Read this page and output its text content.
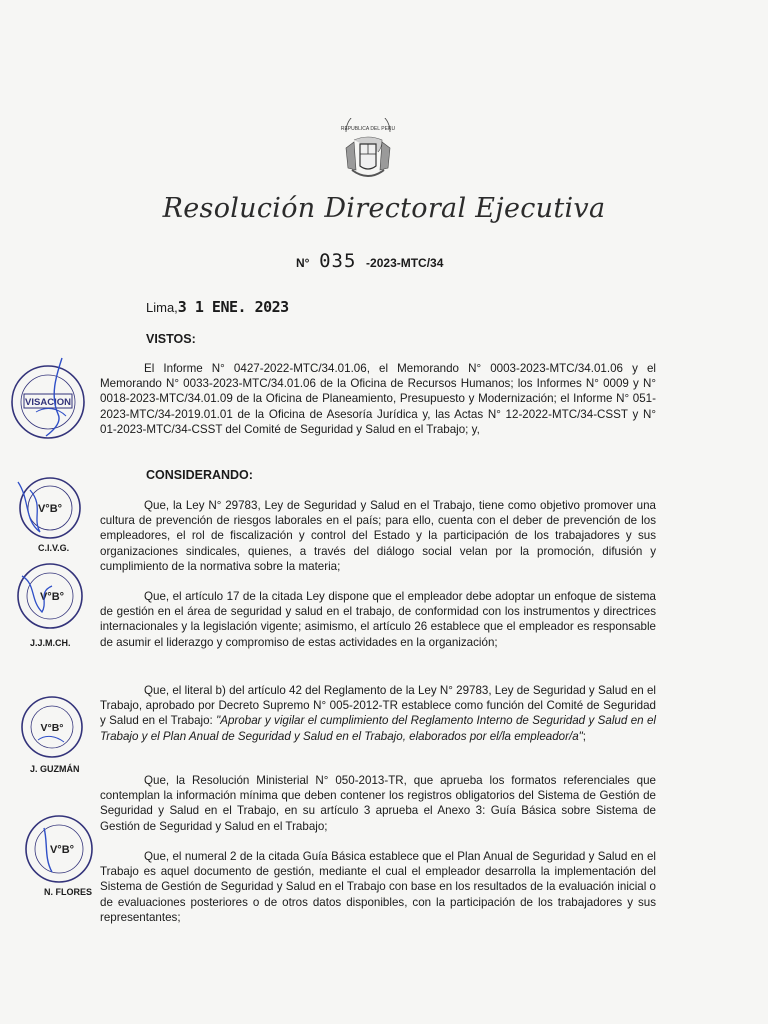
REPUBLICA DEL PERU
Resolución Directoral Ejecutiva
N° 035 -2023-MTC/34
Lima,3 1 ENE. 2023
VISTOS:

El Informe N° 0427-2022-MTC/34.01.06, el Memorando N° 0003-2023-MTC/34.01.06 y el Memorando N° 0033-2023-MTC/34.01.06 de la Oficina de Recursos Humanos; los Informes N° 0009 y N° 0018-2023-MTC/34.01.09 de la Oficina de Planeamiento, Presupuesto y Modernización; el Informe N° 051-2023-MTC/34-2019.01.01 de la Oficina de Asesoría Jurídica y, las Actas N° 12-2022-MTC/34-CSST y N° 01-2023-MTC/34-CSST del Comité de Seguridad y Salud en el Trabajo; y,

CONSIDERANDO:

Que, la Ley N° 29783, Ley de Seguridad y Salud en el Trabajo, tiene como objetivo promover una cultura de prevención de riesgos laborales en el país; para ello, cuenta con el deber de prevención de los empleadores, el rol de fiscalización y control del Estado y la participación de los trabajadores y sus organizaciones sindicales, quienes, a través del diálogo social velan por la promoción, difusión y cumplimiento de la normativa sobre la materia;

Que, el artículo 17 de la citada Ley dispone que el empleador debe adoptar un enfoque de sistema de gestión en el área de seguridad y salud en el trabajo, de conformidad con los instrumentos y directrices internacionales y la legislación vigente; asimismo, el artículo 26 establece que el empleador es responsable de asumir el liderazgo y compromiso de estas actividades en la organización;

Que, el literal b) del artículo 42 del Reglamento de la Ley N° 29783, Ley de Seguridad y Salud en el Trabajo, aprobado por Decreto Supremo N° 005-2012-TR establece como función del Comité de Seguridad y Salud en el Trabajo: "Aprobar y vigilar el cumplimiento del Reglamento Interno de Seguridad y Salud en el Trabajo y el Plan Anual de Seguridad y Salud en el Trabajo, elaborados por el/la empleador/a";

Que, la Resolución Ministerial N° 050-2013-TR, que aprueba los formatos referenciales que contemplan la información mínima que deben contener los registros obligatorios del Sistema de Gestión de Seguridad y Salud en el Trabajo, en su artículo 3 aprueba el Anexo 3: Guía Básica sobre Sistema de Gestión de Seguridad y Salud en el Trabajo;

Que, el numeral 2 de la citada Guía Básica establece que el Plan Anual de Seguridad y Salud en el Trabajo es aquel documento de gestión, mediante el cual el empleador desarrolla la implementación del Sistema de Gestión de Seguridad y Salud en el Trabajo con base en los resultados de la evaluación inicial o de evaluaciones posteriores o de otros datos disponibles, con la participación de los trabajadores y sus representantes;

VISACION
V°B°
C.I.V.G.
V°B°
J.J.M.CH.
V°B°
J. GUZMÁN
V°B°
N. FLORES
